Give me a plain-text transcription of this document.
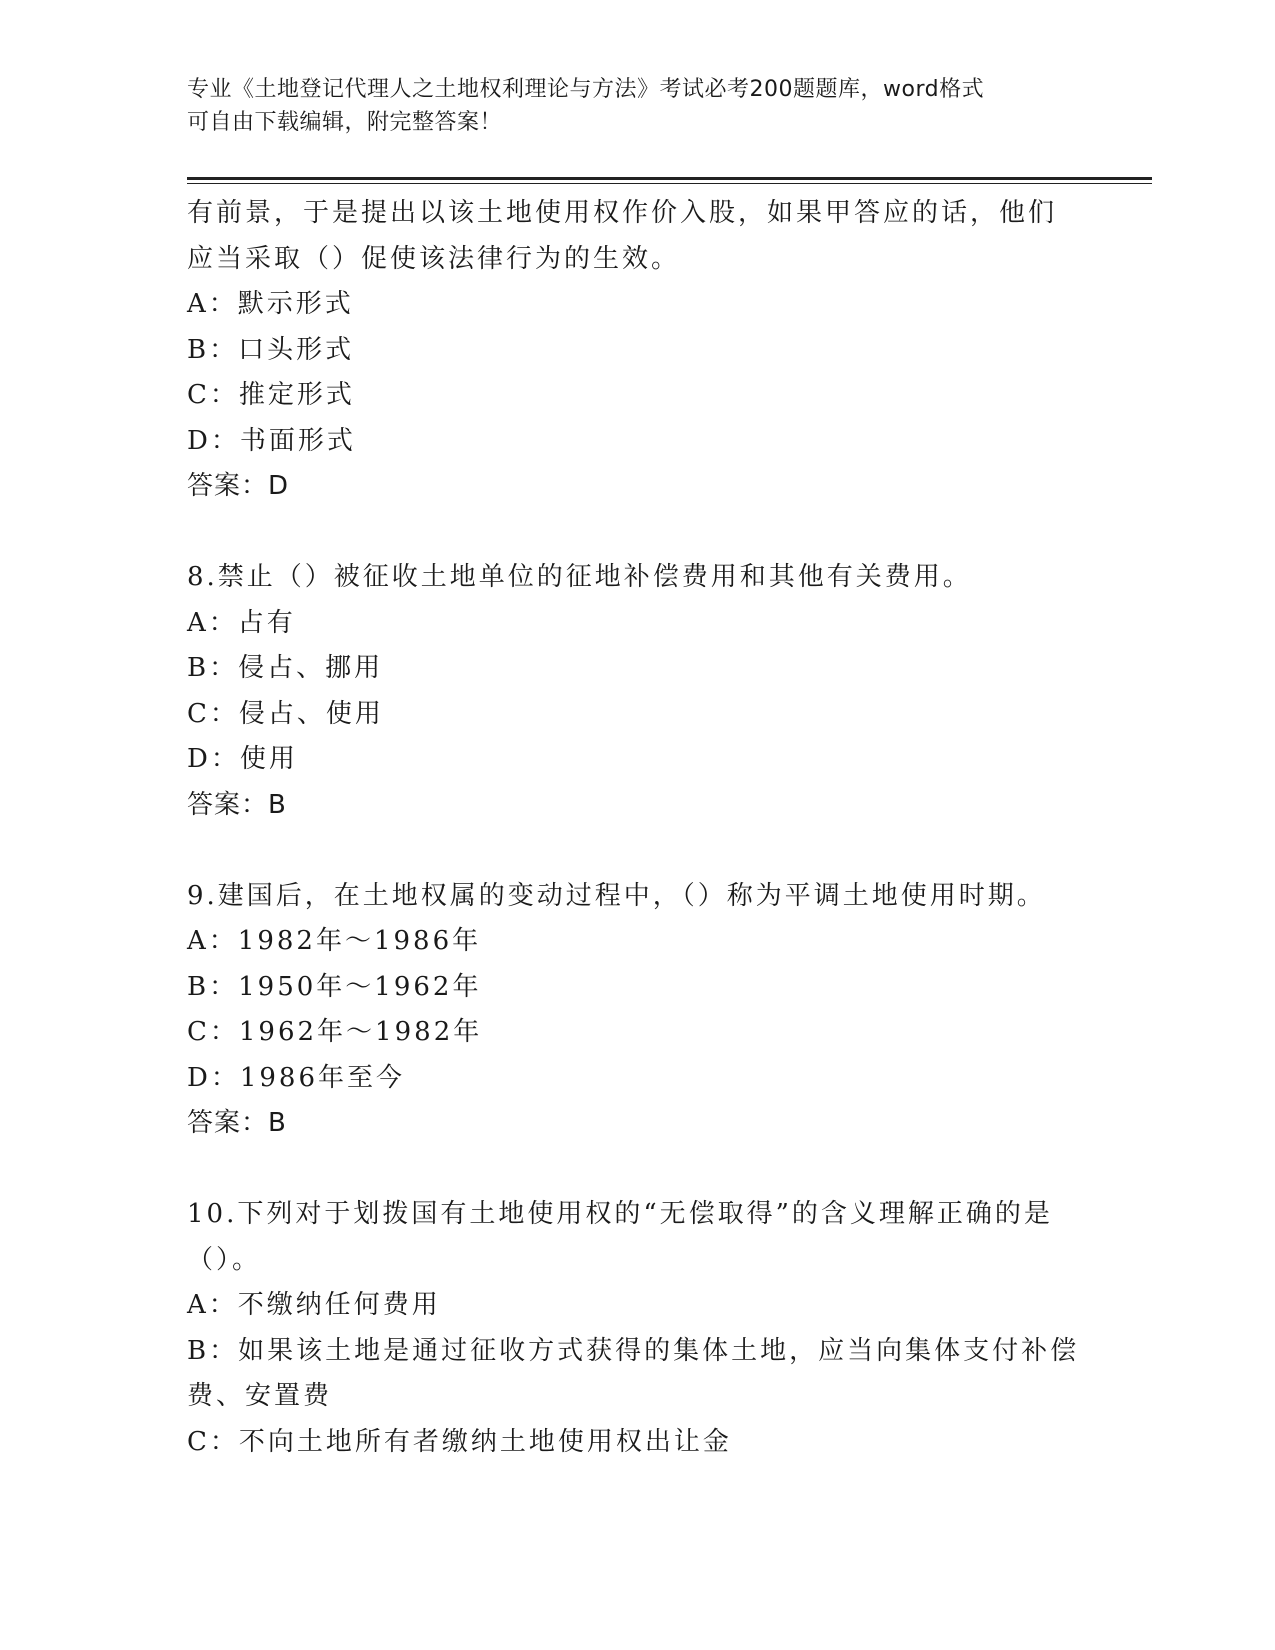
专业《土地登记代理人之土地权利理论与方法》考试必考200题题库，word格式
可自由下载编辑，附完整答案！
有前景，于是提出以该土地使用权作价入股，如果甲答应的话，他们
应当采取（）促使该法律行为的生效。
A：默示形式
B：口头形式
C：推定形式
D：书面形式
答案：D
8.禁止（）被征收土地单位的征地补偿费用和其他有关费用。
A：占有
B：侵占、挪用
C：侵占、使用
D：使用
答案：B
9.建国后，在土地权属的变动过程中，（）称为平调土地使用时期。
A：1982年～1986年
B：1950年～1962年
C：1962年～1982年
D：1986年至今
答案：B
10.下列对于划拨国有土地使用权的“无偿取得”的含义理解正确的是
（）。
A：不缴纳任何费用
B：如果该土地是通过征收方式获得的集体土地，应当向集体支付补偿
费、安置费
C：不向土地所有者缴纳土地使用权出让金
